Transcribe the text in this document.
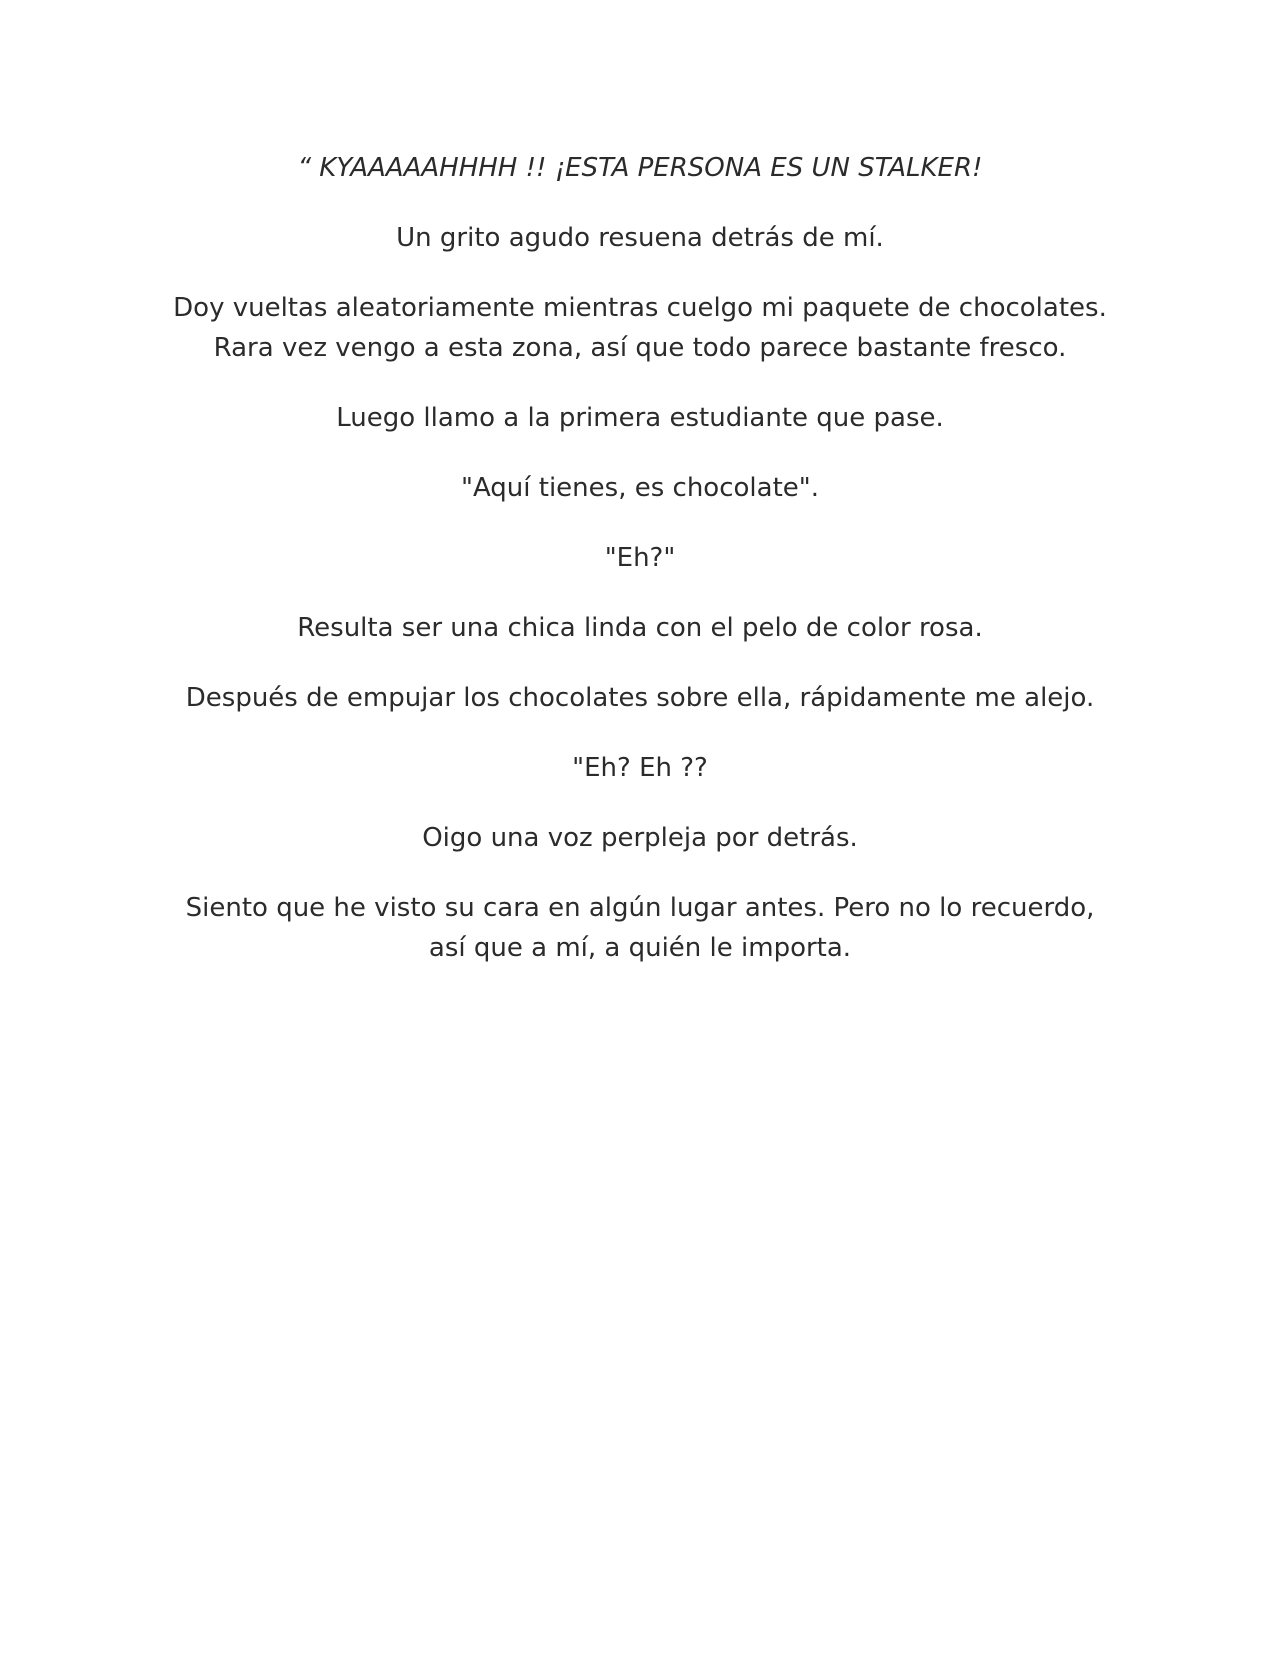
“ KYAAAAAHHHH !! ¡ESTA PERSONA ES UN STALKER!

Un grito agudo resuena detrás de mí.

Doy vueltas aleatoriamente mientras cuelgo mi paquete de chocolates. Rara vez vengo a esta zona, así que todo parece bastante fresco.

Luego llamo a la primera estudiante que pase.

"Aquí tienes, es chocolate".

"Eh?"

Resulta ser una chica linda con el pelo de color rosa.

Después de empujar los chocolates sobre ella, rápidamente me alejo.

"Eh? Eh ??

Oigo una voz perpleja por detrás.

Siento que he visto su cara en algún lugar antes. Pero no lo recuerdo, así que a mí, a quién le importa.
